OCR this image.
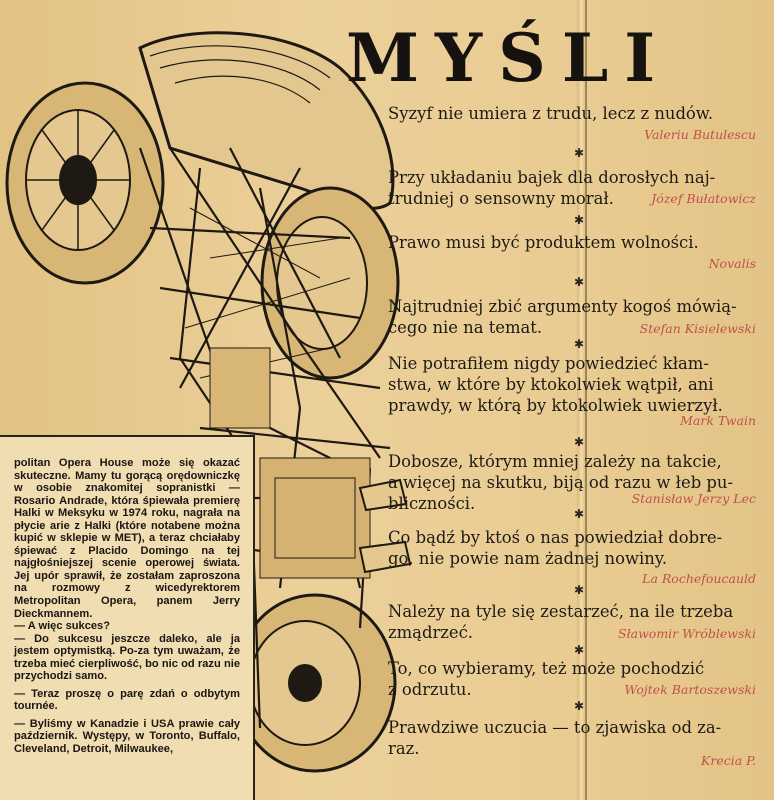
MYŚLI
Syzyf nie umiera z trudu, lecz z nudów.
Valeriu Butulescu
✱
Przy układaniu bajek dla dorosłych naj-
trudniej o sensowny morał.	Józef Bułatowicz
✱
Prawo musi być produktem wolności.
Novalis
✱
Najtrudniej zbić argumenty kogoś mówią-
cego nie na temat.	Stefan Kisielewski
✱
Nie potrafiłem nigdy powiedzieć kłam-
stwa, w które by ktokolwiek wątpił, ani
prawdy, w którą by ktokolwiek uwierzył.
Mark Twain
✱
Dobosze, którym mniej zależy na takcie,
a więcej na skutku, biją od razu w łeb pu-
bliczności.	Stanisław Jerzy Lec
✱
Co bądź by ktoś o nas powiedział dobre-
go, nie powie nam żadnej nowiny.
La Rochefoucauld
✱
Należy na tyle się zestarzeć, na ile trzeba
zmądrzeć.	Sławomir Wróblewski
✱
To, co wybieramy, też może pochodzić
z odrzutu.	Wojtek Bartoszewski
✱
Prawdziwe uczucia — to zjawiska od za-
raz.
Krecia P.

politan Opera House może się okazać skuteczne. Mamy tu gorącą orędowniczkę w osobie znakomitej sopranistki — Rosario Andrade, która śpiewała premierę Halki w Meksyku w 1974 roku, nagrała na płycie arie z Halki (które notabene można kupić w sklepie w MET), a teraz chciałaby śpiewać z Placido Domingo na tej najgłośniejszej scenie operowej świata. Jej upór sprawił, że zostałam zaproszona na rozmowy z wicedyrektorem Metropolitan Opera, panem Jerry Dieckmannem.

— A więc sukces?

— Do sukcesu jeszcze daleko, ale ja jestem optymistką. Po-za tym uważam, że trzeba mieć cierpliwość, bo nic od razu nie przychodzi samo.

— Teraz proszę o parę zdań o odbytym tournée.

— Byliśmy w Kanadzie i USA prawie cały październik. Występy, w Toronto, Buffalo, Cleveland, Detroit, Milwaukee,
